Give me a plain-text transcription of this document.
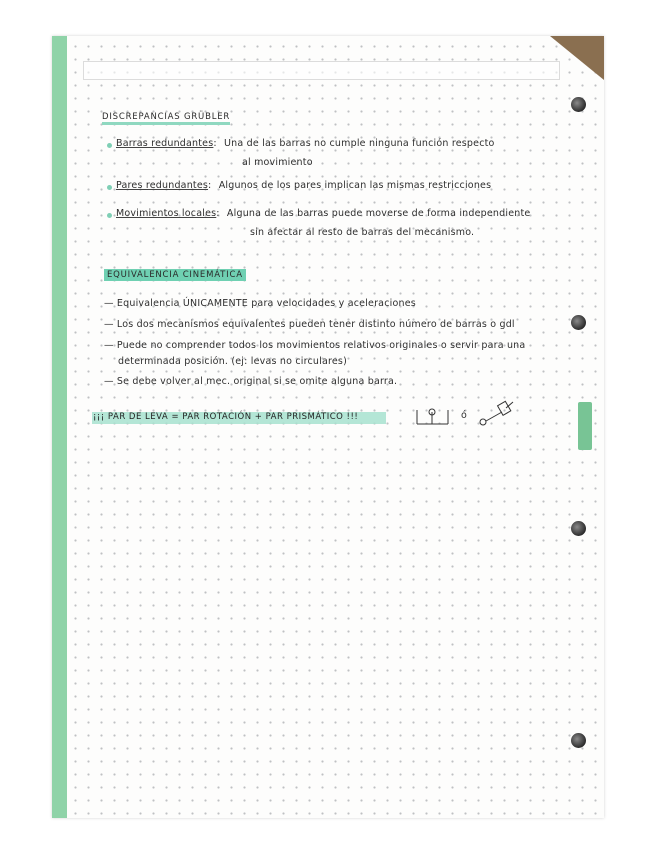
DISCREPANCIAS GRÜBLER
Barras redundantes: Una de las barras no cumple ninguna función respecto
al movimiento
Pares redundantes: Algunos de los pares implican las mismas restricciones
Movimientos locales: Alguna de las barras puede moverse de forma independiente
sin afectar al resto de barras del mecanismo.
EQUIVALENCIA CINEMÁTICA
— Equivalencia ÚNICAMENTE para velocidades y aceleraciones
— Los dos mecanismos equivalentes pueden tener distinto número de barras o gdl
— Puede no comprender todos los movimientos relativos originales o servir para una
determinada posición. (ej: levas no circulares)
— Se debe volver al mec. original si se omite alguna barra.
¡¡¡ PAR DE LEVA = PAR ROTACIÓN + PAR PRISMÁTICO !!!	ó
